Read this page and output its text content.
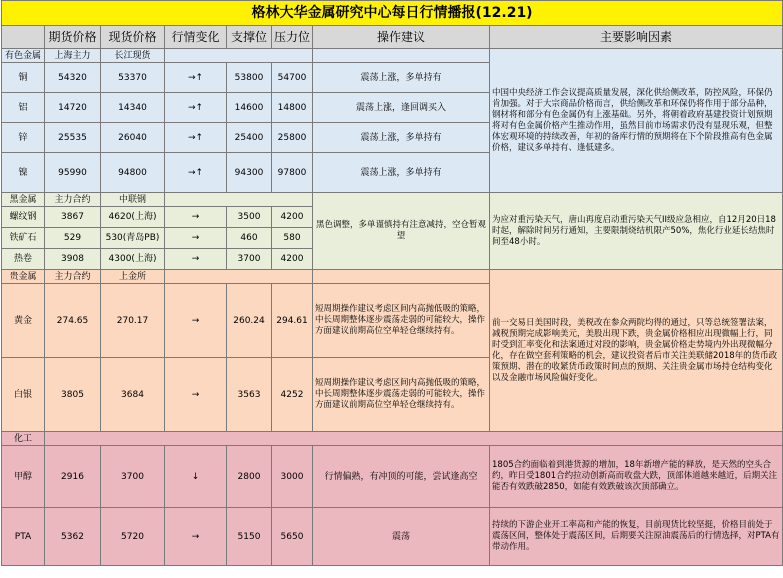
格林大华金属研究中心每日行情播报(12.21)							
	期货价格	现货价格	行情变化	支撑位	压力位	操作建议	主要影响因素
有色金属	上海主力	长江现货					中国中央经济工作会议提高质量发展，深化供给侧改革，防控风险，环保仍肯加强。对于大宗商品价格而言，供给侧改革和环保仍将作用于部分品种，钢材将和部分有色金属仍有上涨基础。另外，将朝着政府基建投资计划预期将对有色金属价格产生推动作用，虽然目前市场需求仍没有显现乐观，但整体宏观环境的持续改善，年初的备库行情的预期将在下个阶段推高有色金属价格，建议多单持有、逢低建多。
铜	54320	53370	→↑	53800	54700	震荡上涨，多单持有	
铝	14720	14340	→↑	14600	14800	震荡上涨，逢回调买入	
锌	25535	26040	→↑	25400	25800	震荡上涨，多单持有	
镍	95990	94800	→↑	94300	97800	震荡上涨，多单持有	
黑金属	主力合约	中联钢				黑色调整，多单谨慎持有注意减持，空仓暂观望	为应对重污染天气，唐山再度启动重污染天气II级应急相应，自12月20日18时起，解除时间另行通知，主要限制烧结机限产50%，焦化行业延长结焦时间至48小时。
螺纹钢	3867	4620(上海)	→	3500	4200		
铁矿石	529	530(青岛PB)	→	460	580		
热卷	3908	4300(上海)	→	3700	4200		
贵金属	主力合约	上金所					前一交易日美国时段，美税改在参众两院均得的通过，只等总统签署法案，减税预期完成影响美元，美股出现下跌，贵金属价格相应出现微幅上行，同时受到汇率变化和法案通过对段的影响，贵金属价格走势境内外出现微幅分化，存在做空套利策略的机会，建议投资者后市关注美联储2018年的货币政策预期、潜在的收紧货币政策时间点的预期、关注贵金属市场持仓结构变化以及金融市场风险偏好变化。
黄金	274.65	270.17	→	260.24	294.61	短周期操作建议考虑区间内高抛低吸的策略，中长周期整体逐步震荡走弱的可能较大，操作方面建议前期高位空单轻仓继续持有。	
白银	3805	3684	→	3563	4252	短周期操作建议考虑区间内高抛低吸的策略，中长周期整体逐步震荡走弱的可能较大，操作方面建议前期高位空单轻仓继续持有。	
化工							
甲醇	2916	3700	↓	2800	3000	行情偏熟，有冲顶的可能，尝试逢高空	1805合约面临着到港货源的增加，18年新增产能的释放，是天然的空头合约，昨日受1801合约拉动创新高而收盘大跌，顶部体道越来越近，后期关注能否有效跌破2850，如能有效跌破该次顶部确立。
PTA	5362	5720	→	5150	5650	震荡	持续的下游企业开工率高和产能的恢复，目前现货比较坚挺，价格目前处于震荡区间，整体处于震荡区间，后期要关注原油震荡后的行情选择，对PTA有带动作用。
